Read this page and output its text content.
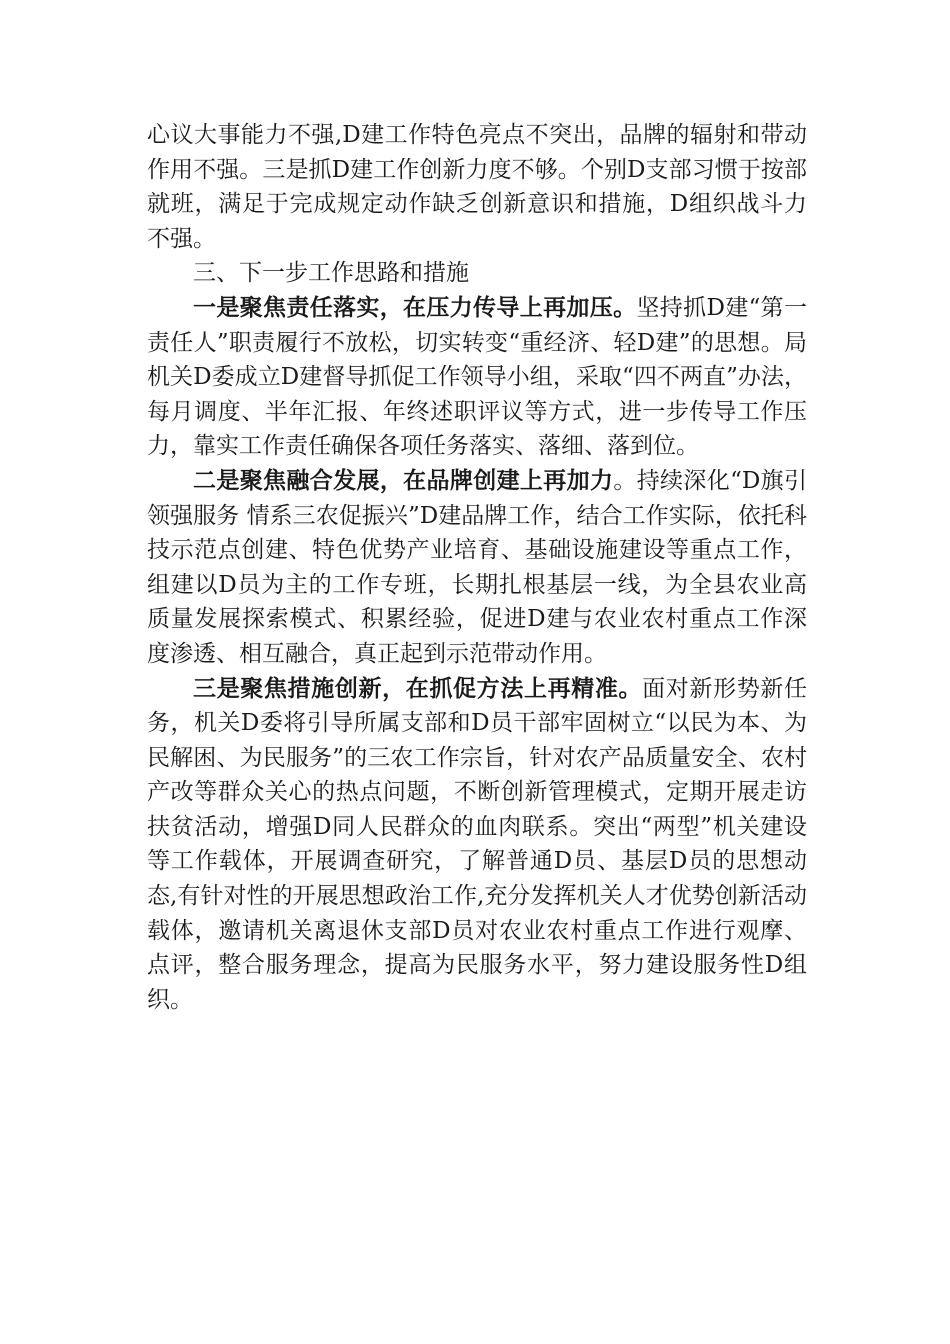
心议大事能力不强,D建工作特色亮点不突出，品牌的辐射和带动作用不强。三是抓D建工作创新力度不够。个别D支部习惯于按部就班，满足于完成规定动作缺乏创新意识和措施，D组织战斗力不强。

三、下一步工作思路和措施

一是聚焦责任落实，在压力传导上再加压。坚持抓D建“第一责任人”职责履行不放松，切实转变“重经济、轻D建”的思想。局机关D委成立D建督导抓促工作领导小组，采取“四不两直”办法，每月调度、半年汇报、年终述职评议等方式，进一步传导工作压力，靠实工作责任确保各项任务落实、落细、落到位。

二是聚焦融合发展，在品牌创建上再加力。持续深化“D旗引领强服务 情系三农促振兴”D建品牌工作，结合工作实际，依托科技示范点创建、特色优势产业培育、基础设施建设等重点工作，组建以D员为主的工作专班，长期扎根基层一线，为全县农业高质量发展探索模式、积累经验，促进D建与农业农村重点工作深度渗透、相互融合，真正起到示范带动作用。

三是聚焦措施创新，在抓促方法上再精准。面对新形势新任务，机关D委将引导所属支部和D员干部牢固树立“以民为本、为民解困、为民服务”的三农工作宗旨，针对农产品质量安全、农村产改等群众关心的热点问题，不断创新管理模式，定期开展走访扶贫活动，增强D同人民群众的血肉联系。突出“两型”机关建设等工作载体，开展调查研究，了解普通D员、基层D员的思想动态,有针对性的开展思想政治工作,充分发挥机关人才优势创新活动载体，邀请机关离退休支部D员对农业农村重点工作进行观摩、点评，整合服务理念，提高为民服务水平，努力建设服务性D组织。
